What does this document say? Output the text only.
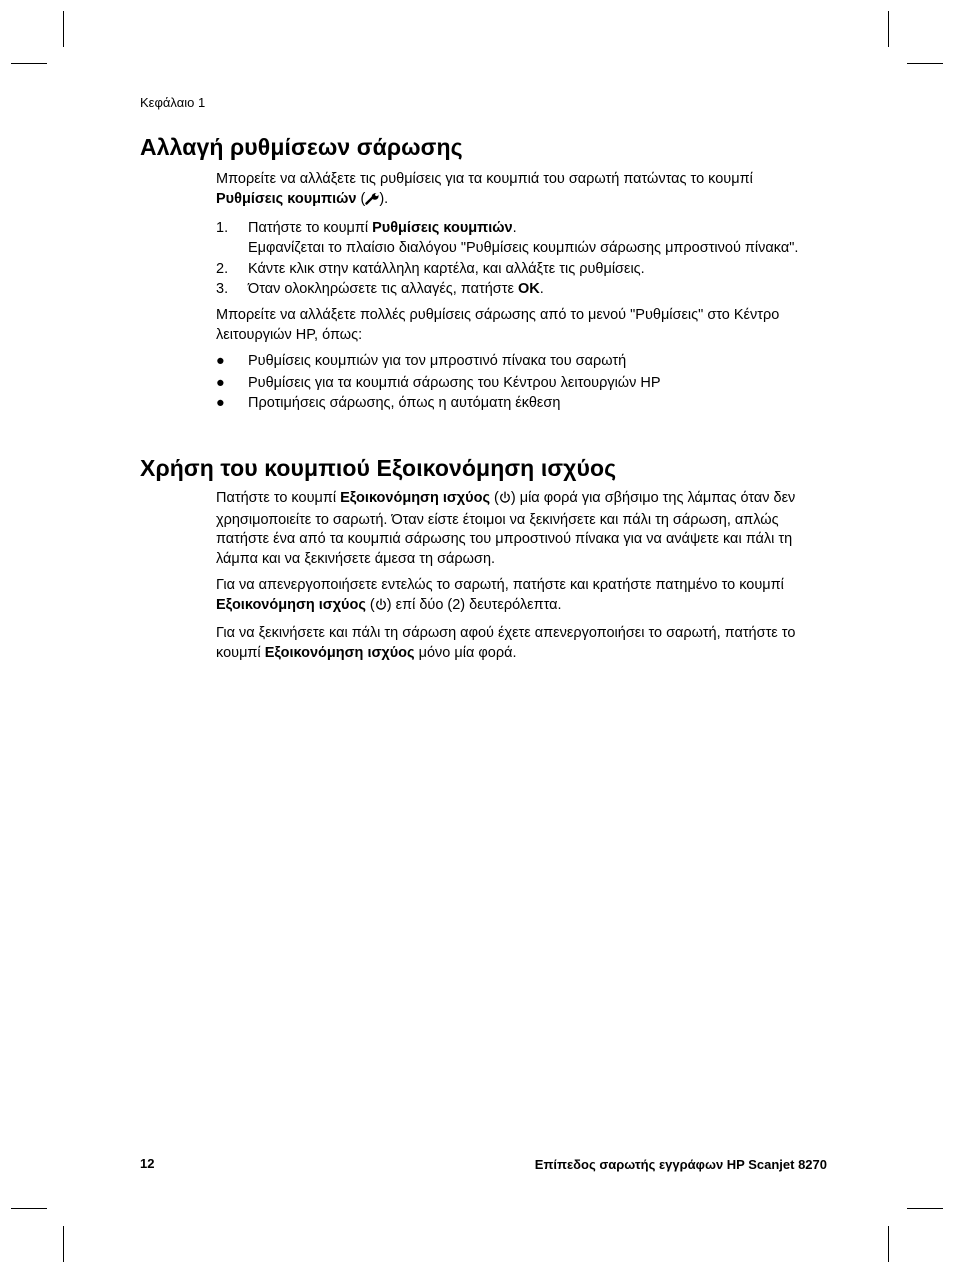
Κεφάλαιο 1
Αλλαγή ρυθμίσεων σάρωσης

Μπορείτε να αλλάξετε τις ρυθμίσεις για τα κουμπιά του σαρωτή πατώντας το κουμπί Ρυθμίσεις κουμπιών ( ).

1. Πατήστε το κουμπί Ρυθμίσεις κουμπιών.
Εμφανίζεται το πλαίσιο διαλόγου "Ρυθμίσεις κουμπιών σάρωσης μπροστινού πίνακα".
2. Κάντε κλικ στην κατάλληλη καρτέλα, και αλλάξτε τις ρυθμίσεις.
3. Όταν ολοκληρώσετε τις αλλαγές, πατήστε OK.

Μπορείτε να αλλάξετε πολλές ρυθμίσεις σάρωσης από το μενού "Ρυθμίσεις" στο Κέντρο λειτουργιών HP, όπως:

● Ρυθμίσεις κουμπιών για τον μπροστινό πίνακα του σαρωτή
● Ρυθμίσεις για τα κουμπιά σάρωσης του Κέντρου λειτουργιών HP
● Προτιμήσεις σάρωσης, όπως η αυτόματη έκθεση
Χρήση του κουμπιού Εξοικονόμηση ισχύος

Πατήστε το κουμπί Εξοικονόμηση ισχύος ( ) μία φορά για σβήσιμο της λάμπας όταν δεν χρησιμοποιείτε το σαρωτή. Όταν είστε έτοιμοι να ξεκινήσετε και πάλι τη σάρωση, απλώς πατήστε ένα από τα κουμπιά σάρωσης του μπροστινού πίνακα για να ανάψετε και πάλι τη λάμπα και να ξεκινήσετε άμεσα τη σάρωση.

Για να απενεργοποιήσετε εντελώς το σαρωτή, πατήστε και κρατήστε πατημένο το κουμπί Εξοικονόμηση ισχύος ( ) επί δύο (2) δευτερόλεπτα.

Για να ξεκινήσετε και πάλι τη σάρωση αφού έχετε απενεργοποιήσει το σαρωτή, πατήστε το κουμπί Εξοικονόμηση ισχύος μόνο μία φορά.

12	Επίπεδος σαρωτής εγγράφων HP Scanjet 8270
